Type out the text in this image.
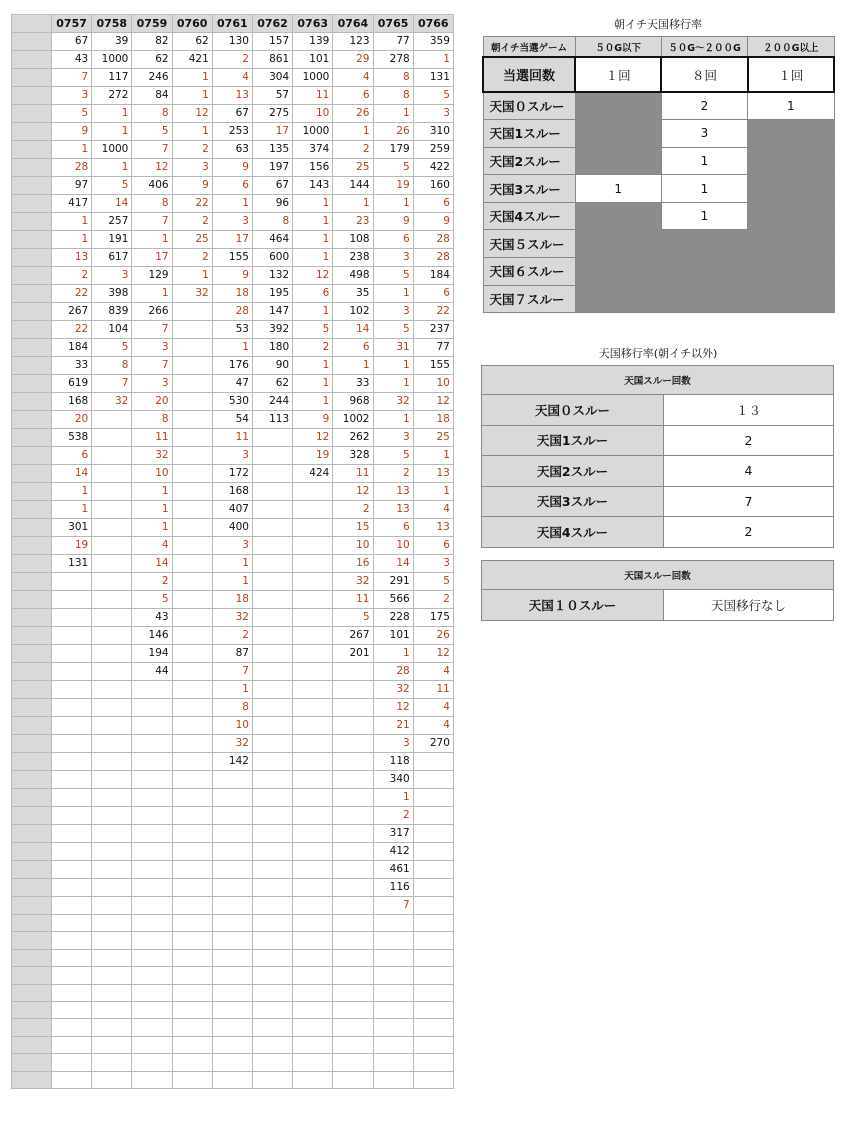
	0757	0758	0759	0760	0761	0762	0763	0764	0765	0766
	67	39	82	62	130	157	139	123	77	359
	43	1000	62	421	2	861	101	29	278	1
	7	117	246	1	4	304	1000	4	8	131
	3	272	84	1	13	57	11	6	8	5
	5	1	8	12	67	275	10	26	1	3
	9	1	5	1	253	17	1000	1	26	310
	1	1000	7	2	63	135	374	2	179	259
	28	1	12	3	9	197	156	25	5	422
	97	5	406	9	6	67	143	144	19	160
	417	14	8	22	1	96	1	1	1	6
	1	257	7	2	3	8	1	23	9	9
	1	191	1	25	17	464	1	108	6	28
	13	617	17	2	155	600	1	238	3	28
	2	3	129	1	9	132	12	498	5	184
	22	398	1	32	18	195	6	35	1	6
	267	839	266		28	147	1	102	3	22
	22	104	7		53	392	5	14	5	237
	184	5	3		1	180	2	6	31	77
	33	8	7		176	90	1	1	1	155
	619	7	3		47	62	1	33	1	10
	168	32	20		530	244	1	968	32	12
	20		8		54	113	9	1002	1	18
	538		11		11		12	262	3	25
	6		32		3		19	328	5	1
	14		10		172		424	11	2	13
	1		1		168			12	13	1
	1		1		407			2	13	4
	301		1		400			15	6	13
	19		4		3			10	10	6
	131		14		1			16	14	3
			2		1			32	291	5
			5		18			11	566	2
			43		32			5	228	175
			146		2			267	101	26
			194		87			201	1	12
			44		7				28	4
					1				32	11
					8				12	4
					10				21	4
					32				3	270
					142				118	
									340	
									1	
									2	
									317	
									412	
									461	
									116	
									7	

朝イチ天国移行率
朝イチ当選ゲーム	５０G以下	５０G〜２００G	２００G以上
当選回数	１回	８回	１回
天国０スルー		2	1
天国1スルー		3	
天国2スルー		1	
天国3スルー	1	1	
天国4スルー		1	
天国５スルー			
天国６スルー			
天国７スルー			
天国移行率(朝イチ以外)
天国スルー回数	
天国０スルー	１３
天国1スルー	2
天国2スルー	4
天国3スルー	7
天国4スルー	2
天国スルー回数
天国１０スルー	天国移行なし
